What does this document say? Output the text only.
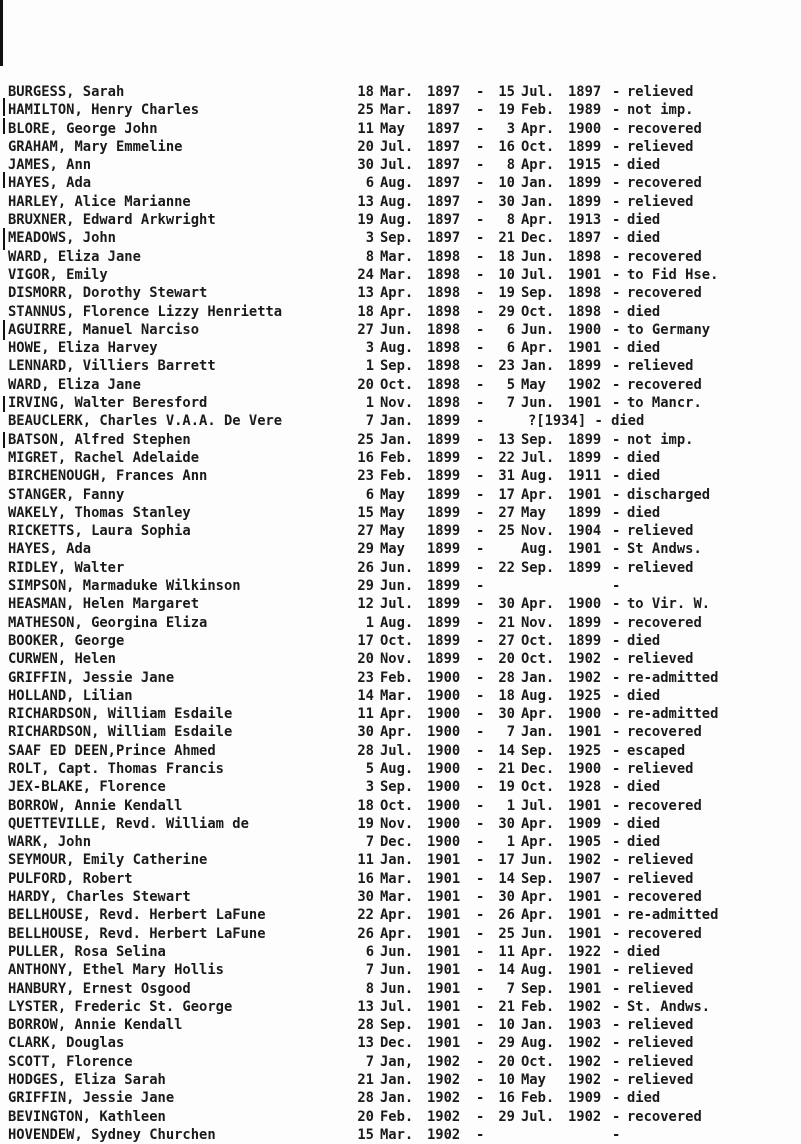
BURGESS, Sarah	18 Mar. 1897 -	15 Jul. 1897 - relieved
HAMILTON, Henry Charles	25 Mar. 1897 -	19 Feb. 1989 - not imp.
BLORE, George John	11 May 1897 -	3 Apr. 1900 - recovered
GRAHAM, Mary Emmeline	20 Jul. 1897 -	16 Oct. 1899 - relieved
JAMES, Ann	30 Jul. 1897 -	8 Apr. 1915 - died
HAYES, Ada	6 Aug. 1897 -	10 Jan. 1899 - recovered
HARLEY, Alice Marianne	13 Aug. 1897 -	30 Jan. 1899 - relieved
BRUXNER, Edward Arkwright	19 Aug. 1897 -	8 Apr. 1913 - died
MEADOWS, John	3 Sep. 1897 -	21 Dec. 1897 - died
WARD, Eliza Jane	8 Mar. 1898 -	18 Jun. 1898 - recovered
VIGOR, Emily	24 Mar. 1898 -	10 Jul. 1901 - to Fid Hse.
DISMORR, Dorothy Stewart	13 Apr. 1898 -	19 Sep. 1898 - recovered
STANNUS, Florence Lizzy Henrietta	18 Apr. 1898 -	29 Oct. 1898 - died
AGUIRRE, Manuel Narciso	27 Jun. 1898 -	6 Jun. 1900 - to Germany
HOWE, Eliza Harvey	3 Aug. 1898 -	6 Apr. 1901 - died
LENNARD, Villiers Barrett	1 Sep. 1898 -	23 Jan. 1899 - relieved
WARD, Eliza Jane	20 Oct. 1898 -	5 May 1902 - recovered
IRVING, Walter Beresford	1 Nov. 1898 -	7 Jun. 1901 - to Mancr.
BEAUCLERK, Charles V.A.A. De Vere	7 Jan. 1899 -	?[1934] - died
BATSON, Alfred Stephen	25 Jan. 1899 -	13 Sep. 1899 - not imp.
MIGRET, Rachel Adelaide	16 Feb. 1899 -	22 Jul. 1899 - died
BIRCHENOUGH, Frances Ann	23 Feb. 1899 -	31 Aug. 1911 - died
STANGER, Fanny	6 May 1899 -	17 Apr. 1901 - discharged
WAKELY, Thomas Stanley	15 May 1899 -	27 May 1899 - died
RICKETTS, Laura Sophia	27 May 1899 -	25 Nov. 1904 - relieved
HAYES, Ada	29 May 1899 -	Aug. 1901 - St Andws.
RIDLEY, Walter	26 Jun. 1899 -	22 Sep. 1899 - relieved
SIMPSON, Marmaduke Wilkinson	29 Jun. 1899 -	-
HEASMAN, Helen Margaret	12 Jul. 1899 -	30 Apr. 1900 - to Vir. W.
MATHESON, Georgina Eliza	1 Aug. 1899 -	21 Nov. 1899 - recovered
BOOKER, George	17 Oct. 1899 -	27 Oct. 1899 - died
CURWEN, Helen	20 Nov. 1899 -	20 Oct. 1902 - relieved
GRIFFIN, Jessie Jane	23 Feb. 1900 -	28 Jan. 1902 - re-admitted
HOLLAND, Lilian	14 Mar. 1900 -	18 Aug. 1925 - died
RICHARDSON, William Esdaile	11 Apr. 1900 -	30 Apr. 1900 - re-admitted
RICHARDSON, William Esdaile	30 Apr. 1900 -	7 Jan. 1901 - recovered
SAAF ED DEEN,Prince Ahmed	28 Jul. 1900 -	14 Sep. 1925 - escaped
ROLT, Capt. Thomas Francis	5 Aug. 1900 -	21 Dec. 1900 - relieved
JEX-BLAKE, Florence	3 Sep. 1900 -	19 Oct. 1928 - died
BORROW, Annie Kendall	18 Oct. 1900 -	1 Jul. 1901 - recovered
QUETTEVILLE, Revd. William de	19 Nov. 1900 -	30 Apr. 1909 - died
WARK, John	7 Dec. 1900 -	1 Apr. 1905 - died
SEYMOUR, Emily Catherine	11 Jan. 1901 -	17 Jun. 1902 - relieved
PULFORD, Robert	16 Mar. 1901 -	14 Sep. 1907 - relieved
HARDY, Charles Stewart	30 Mar. 1901 -	30 Apr. 1901 - recovered
BELLHOUSE, Revd. Herbert LaFune	22 Apr. 1901 -	26 Apr. 1901 - re-admitted
BELLHOUSE, Revd. Herbert LaFune	26 Apr. 1901 -	25 Jun. 1901 - recovered
PULLER, Rosa Selina	6 Jun. 1901 -	11 Apr. 1922 - died
ANTHONY, Ethel Mary Hollis	7 Jun. 1901 -	14 Aug. 1901 - relieved
HANBURY, Ernest Osgood	8 Jun. 1901 -	7 Sep. 1901 - relieved
LYSTER, Frederic St. George	13 Jul. 1901 -	21 Feb. 1902 - St. Andws.
BORROW, Annie Kendall	28 Sep. 1901 -	10 Jan. 1903 - relieved
CLARK, Douglas	13 Dec. 1901 -	29 Aug. 1902 - relieved
SCOTT, Florence	7 Jan, 1902 -	20 Oct. 1902 - relieved
HODGES, Eliza Sarah	21 Jan. 1902 -	10 May 1902 - relieved
GRIFFIN, Jessie Jane	28 Jan. 1902 -	16 Feb. 1909 - died
BEVINGTON, Kathleen	20 Feb. 1902 -	29 Jul. 1902 - recovered
HOVENDEW, Sydney Churchen	15 Mar. 1902 -	-
